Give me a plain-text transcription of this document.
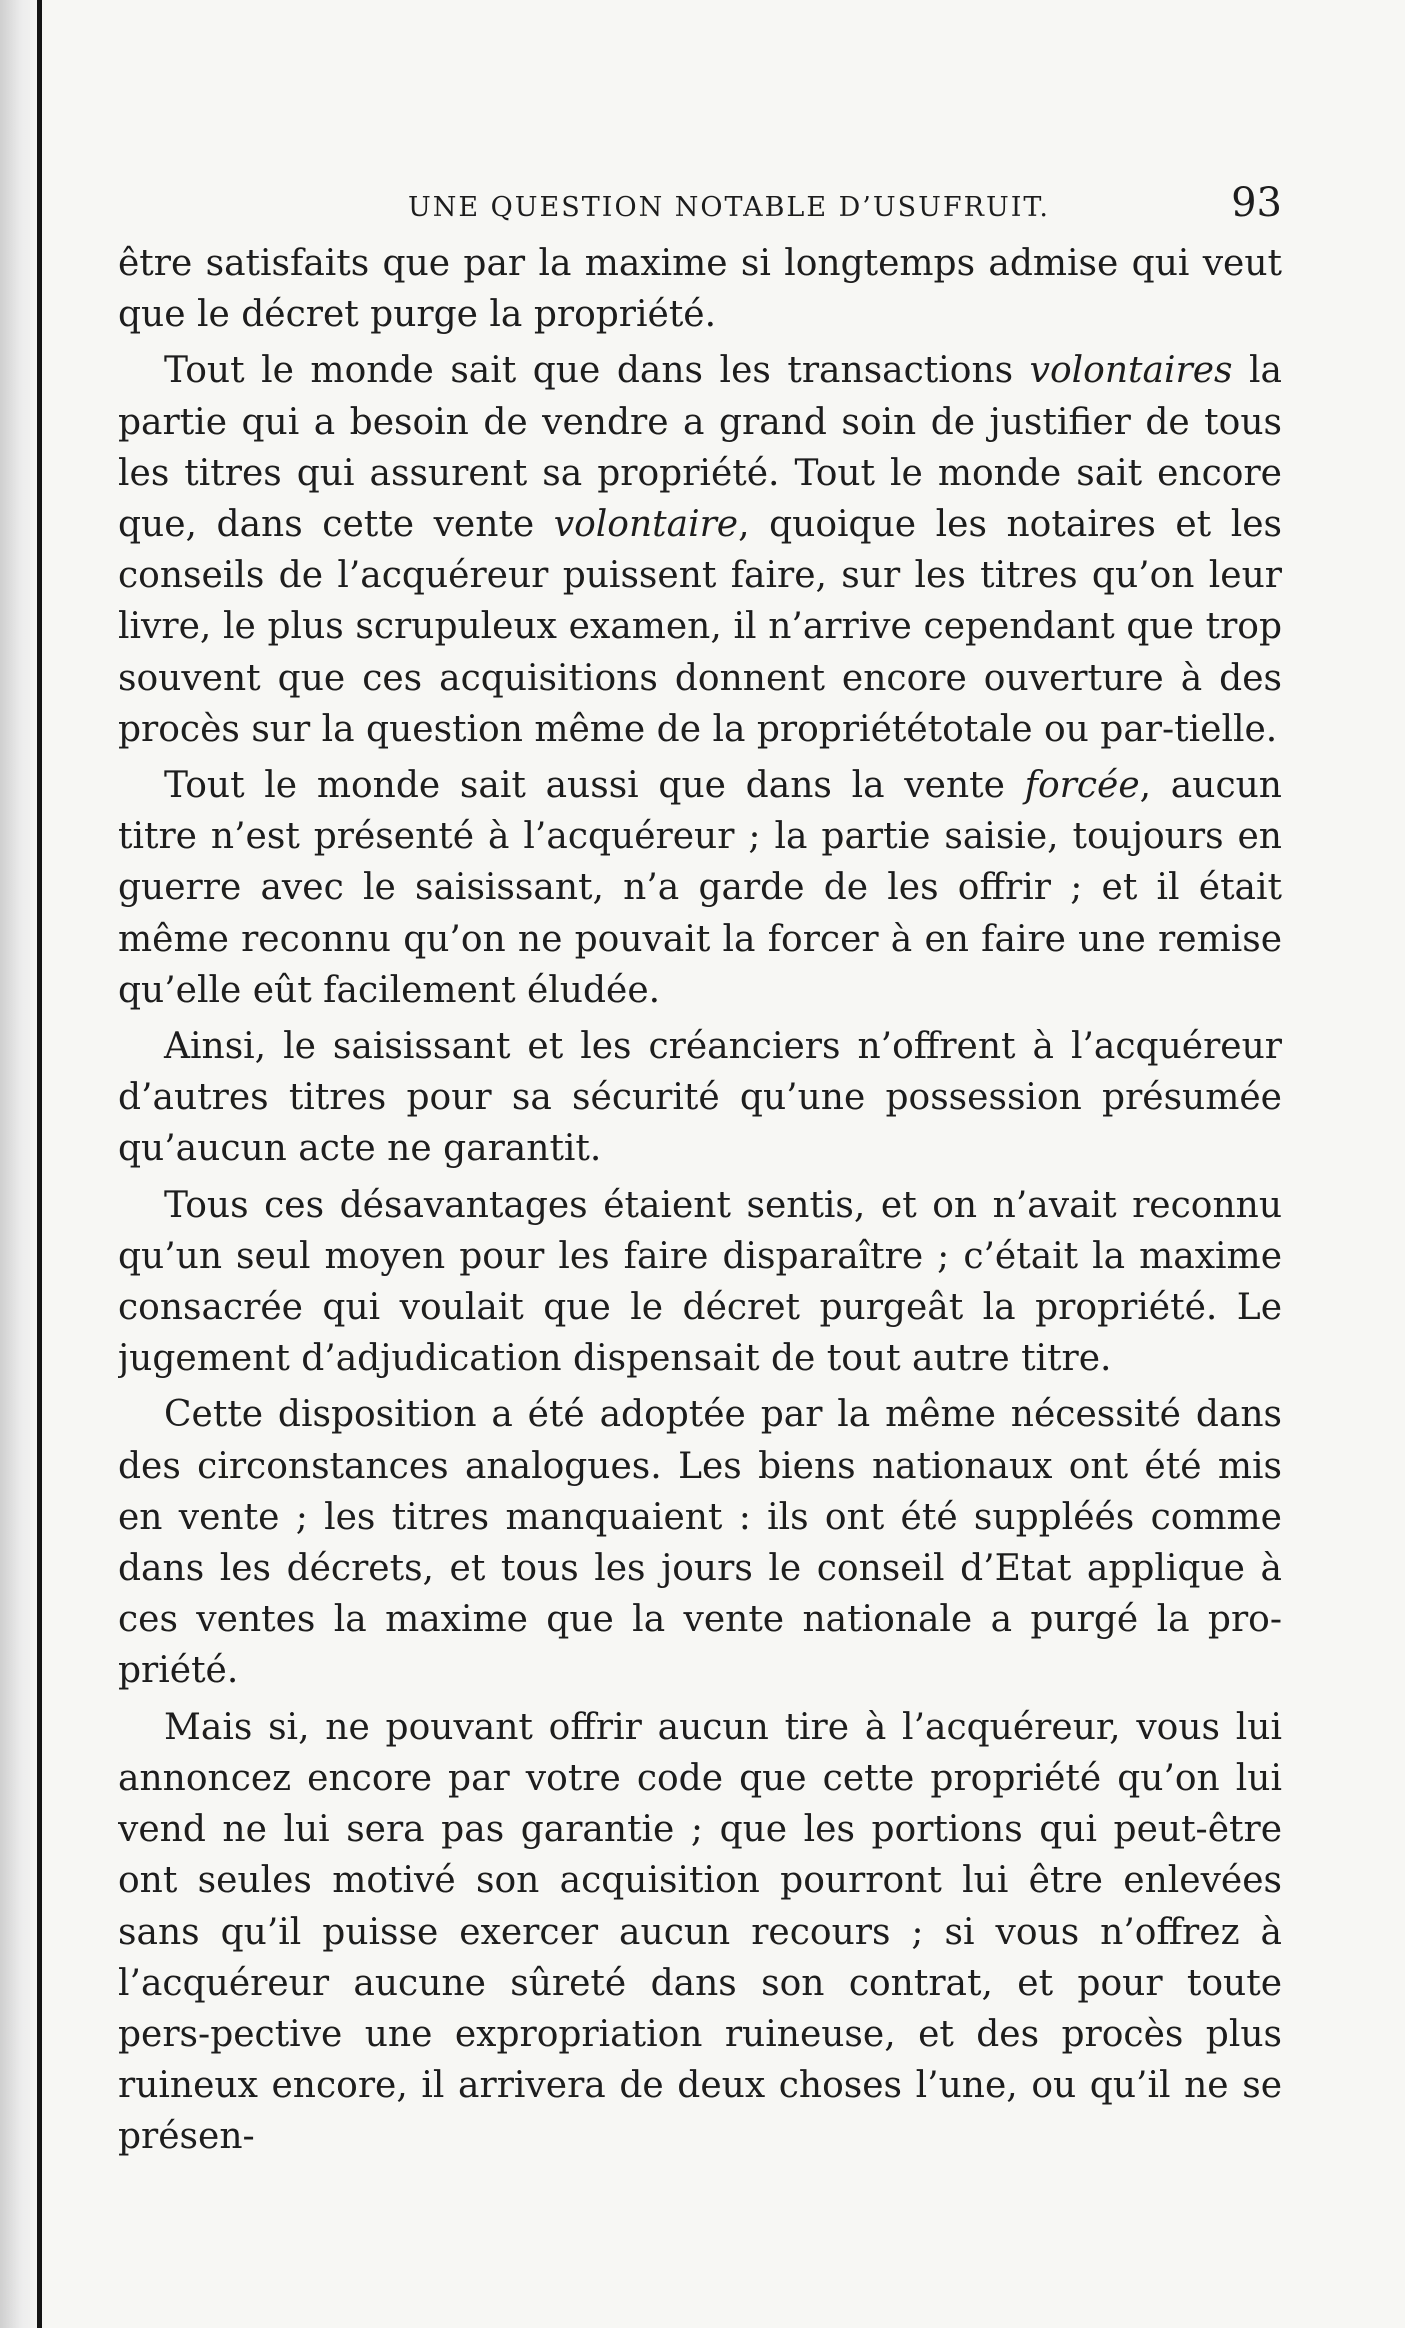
UNE QUESTION NOTABLE D’USUFRUIT.	93

être satisfaits que par la maxime si longtemps admise qui veut que le décret purge la propriété.

Tout le monde sait que dans les transactions volontaires la partie qui a besoin de vendre a grand soin de justifier de tous les titres qui assurent sa propriété. Tout le monde sait encore que, dans cette vente volontaire, quoique les notaires et les conseils de l’acquéreur puissent faire, sur les titres qu’on leur livre, le plus scrupuleux examen, il n’arrive cependant que trop souvent que ces acquisitions donnent encore ouverture à des procès sur la question même de la propriététotale ou par-tielle.

Tout le monde sait aussi que dans la vente forcée, aucun titre n’est présenté à l’acquéreur ; la partie saisie, toujours en guerre avec le saisissant, n’a garde de les offrir ; et il était même reconnu qu’on ne pouvait la forcer à en faire une remise qu’elle eût facilement éludée.

Ainsi, le saisissant et les créanciers n’offrent à l’acquéreur d’autres titres pour sa sécurité qu’une possession présumée qu’aucun acte ne garantit.

Tous ces désavantages étaient sentis, et on n’avait reconnu qu’un seul moyen pour les faire disparaître ; c’était la maxime consacrée qui voulait que le décret purgeât la propriété. Le jugement d’adjudication dispensait de tout autre titre.

Cette disposition a été adoptée par la même nécessité dans des circonstances analogues. Les biens nationaux ont été mis en vente ; les titres manquaient : ils ont été suppléés comme dans les décrets, et tous les jours le conseil d’Etat applique à ces ventes la maxime que la vente nationale a purgé la pro-priété.

Mais si, ne pouvant offrir aucun tire à l’acquéreur, vous lui annoncez encore par votre code que cette propriété qu’on lui vend ne lui sera pas garantie ; que les portions qui peut-être ont seules motivé son acquisition pourront lui être enlevées sans qu’il puisse exercer aucun recours ; si vous n’offrez à l’acquéreur aucune sûreté dans son contrat, et pour toute pers-pective une expropriation ruineuse, et des procès plus ruineux encore, il arrivera de deux choses l’une, ou qu’il ne se présen-
